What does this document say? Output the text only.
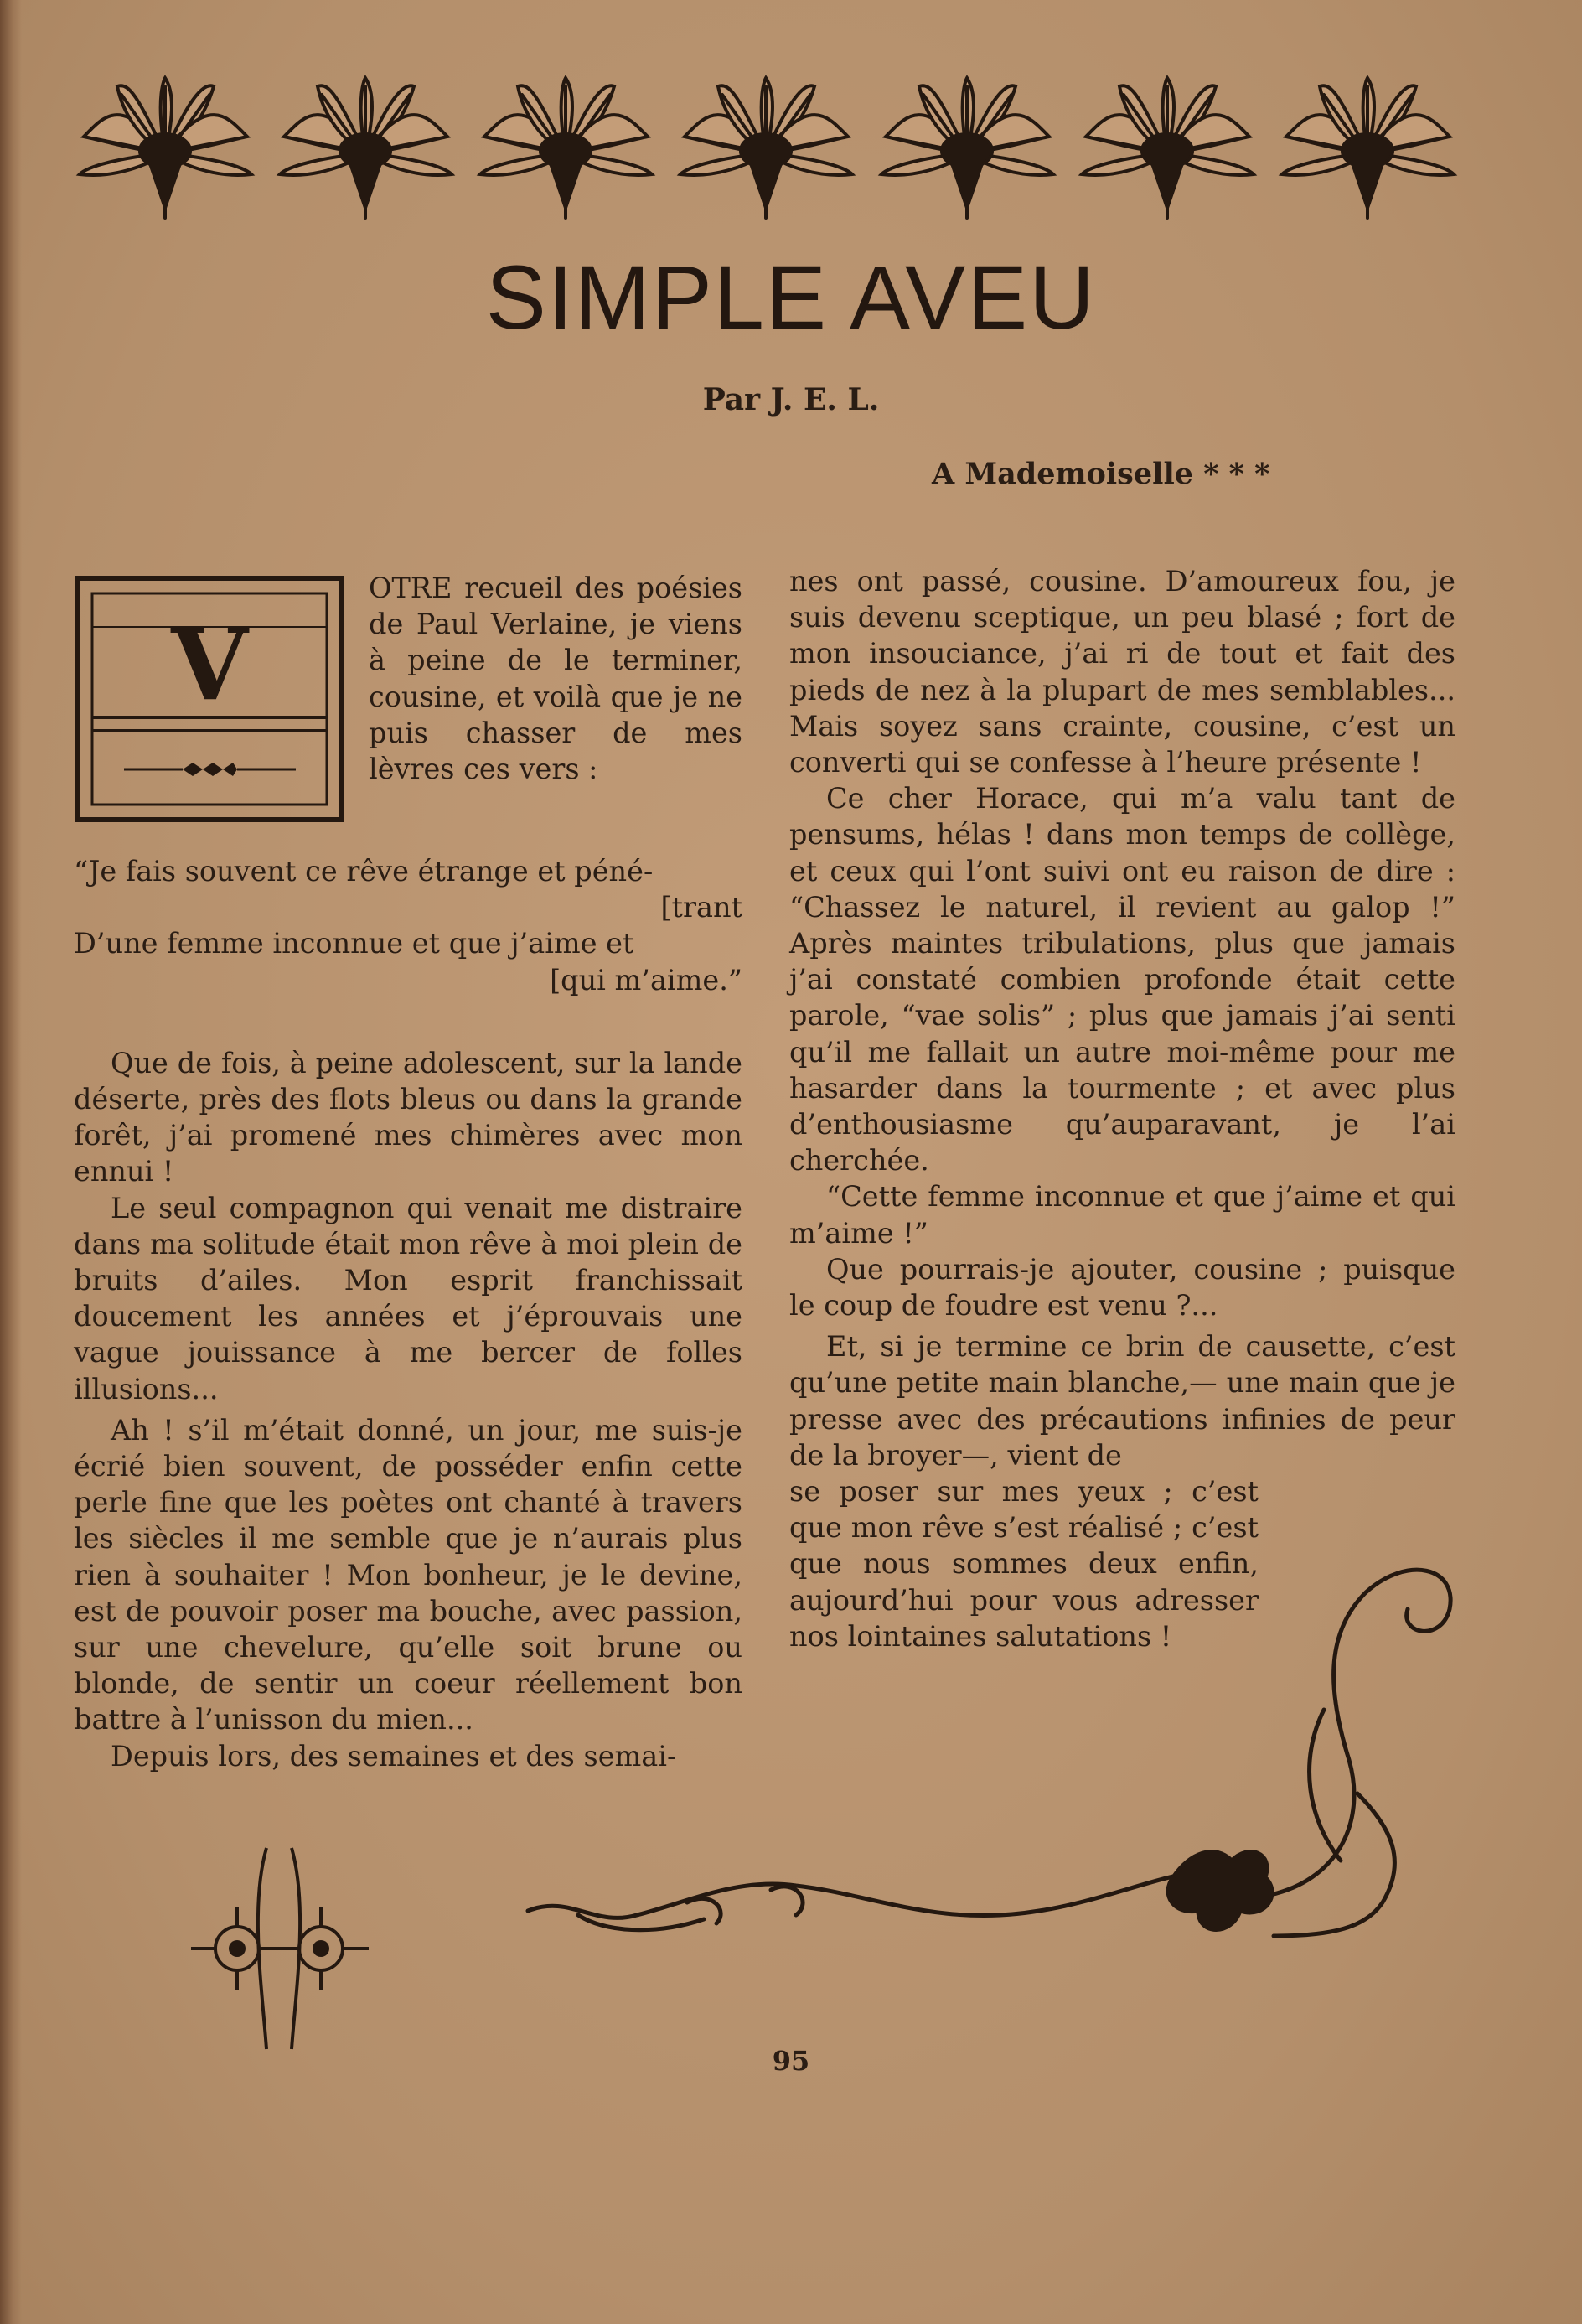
SIMPLE AVEU
Par J. E. L.
A Mademoiselle * * *
V

OTRE recueil des poésies de Paul Verlaine, je viens à peine de le terminer, cousine, et voilà que je ne puis chasser de mes lèvres ces vers :

“Je fais souvent ce rêve étrange et péné-
[trant
D’une femme inconnue et que j’aime et
[qui m’aime.”

Que de fois, à peine adolescent, sur la lande déserte, près des flots bleus ou dans la grande forêt, j’ai promené mes chimères avec mon ennui !

Le seul compagnon qui venait me distraire dans ma solitude était mon rêve à moi plein de bruits d’ailes. Mon esprit franchissait doucement les années et j’éprouvais une vague jouissance à me bercer de folles illusions...

Ah ! s’il m’était donné, un jour, me suis-je écrié bien souvent, de posséder enfin cette perle fine que les poètes ont chanté à travers les siècles il me semble que je n’aurais plus rien à souhaiter ! Mon bonheur, je le devine, est de pouvoir poser ma bouche, avec passion, sur une chevelure, qu’elle soit brune ou blonde, de sentir un coeur réellement bon battre à l’unisson du mien...

Depuis lors, des semaines et des semai-

nes ont passé, cousine. D’amoureux fou, je suis devenu sceptique, un peu blasé ; fort de mon insouciance, j’ai ri de tout et fait des pieds de nez à la plupart de mes semblables... Mais soyez sans crainte, cousine, c’est un converti qui se confesse à l’heure présente !

Ce cher Horace, qui m’a valu tant de pensums, hélas ! dans mon temps de collège, et ceux qui l’ont suivi ont eu raison de dire : “Chassez le naturel, il revient au galop !” Après maintes tribulations, plus que jamais j’ai constaté combien profonde était cette parole, “vae solis” ; plus que jamais j’ai senti qu’il me fallait un autre moi-même pour me hasarder dans la tourmente ; et avec plus d’enthousiasme qu’auparavant, je l’ai cherchée.

“Cette femme inconnue et que j’aime et qui m’aime !”

Que pourrais-je ajouter, cousine ; puisque le coup de foudre est venu ?...

Et, si je termine ce brin de causette, c’est qu’une petite main blanche,— une main que je presse avec des précautions infinies de peur de la broyer—, vient de

se poser sur mes yeux ; c’est que mon rêve s’est réalisé ; c’est que nous sommes deux enfin, aujourd’hui pour vous adresser nos lointaines salutations !

95
